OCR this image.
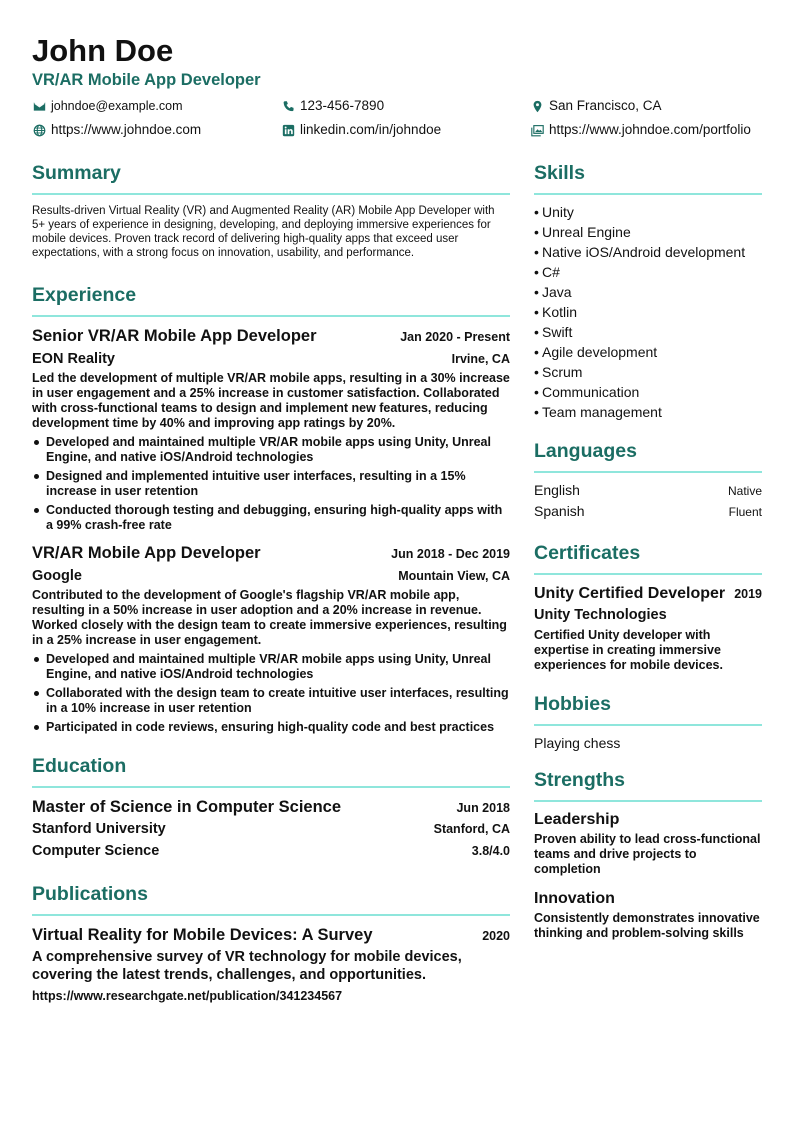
John Doe
VR/AR Mobile App Developer
johndoe@example.com	123-456-7890	San Francisco, CA
https://www.johndoe.com	linkedin.com/in/johndoe	https://www.johndoe.com/portfolio
Summary
Results-driven Virtual Reality (VR) and Augmented Reality (AR) Mobile App Developer with 5+ years of experience in designing, developing, and deploying immersive experiences for mobile devices. Proven track record of delivering high-quality apps that exceed user expectations, with a strong focus on innovation, usability, and performance.
Experience
Senior VR/AR Mobile App Developer	Jan 2020 - Present
EON Reality	Irvine, CA
Led the development of multiple VR/AR mobile apps, resulting in a 30% increase in user engagement and a 25% increase in customer satisfaction. Collaborated with cross-functional teams to design and implement new features, reducing development time by 40% and improving app ratings by 20%.
Developed and maintained multiple VR/AR mobile apps using Unity, Unreal Engine, and native iOS/Android technologies
Designed and implemented intuitive user interfaces, resulting in a 15% increase in user retention
Conducted thorough testing and debugging, ensuring high-quality apps with a 99% crash-free rate
VR/AR Mobile App Developer	Jun 2018 - Dec 2019
Google	Mountain View, CA
Contributed to the development of Google's flagship VR/AR mobile app, resulting in a 50% increase in user adoption and a 20% increase in revenue. Worked closely with the design team to create immersive experiences, resulting in a 25% increase in user engagement.
Developed and maintained multiple VR/AR mobile apps using Unity, Unreal Engine, and native iOS/Android technologies
Collaborated with the design team to create intuitive user interfaces, resulting in a 10% increase in user retention
Participated in code reviews, ensuring high-quality code and best practices
Education
Master of Science in Computer Science	Jun 2018
Stanford University	Stanford, CA
Computer Science	3.8/4.0
Publications
Virtual Reality for Mobile Devices: A Survey	2020
A comprehensive survey of VR technology for mobile devices, covering the latest trends, challenges, and opportunities.
https://www.researchgate.net/publication/341234567
Skills
• Unity
• Unreal Engine
• Native iOS/Android development
• C#
• Java
• Kotlin
• Swift
• Agile development
• Scrum
• Communication
• Team management
Languages
English	Native
Spanish	Fluent
Certificates
Unity Certified Developer 2019
Unity Technologies
Certified Unity developer with expertise in creating immersive experiences for mobile devices.
Hobbies
Playing chess
Strengths
Leadership
Proven ability to lead cross-functional teams and drive projects to completion
Innovation
Consistently demonstrates innovative thinking and problem-solving skills
